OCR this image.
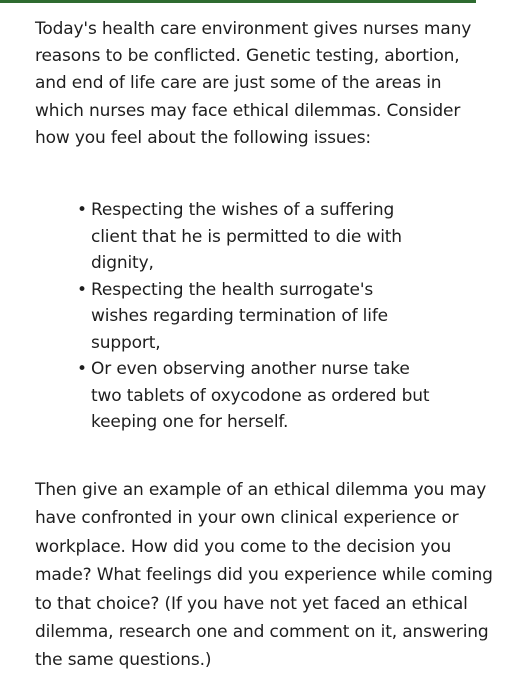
Today's health care environment gives nurses many reasons to be conflicted. Genetic testing, abortion, and end of life care are just some of the areas in which nurses may face ethical dilemmas. Consider how you feel about the following issues:

• Respecting the wishes of a suffering client that he is permitted to die with dignity,
• Respecting the health surrogate's wishes regarding termination of life support,
• Or even observing another nurse take two tablets of oxycodone as ordered but keeping one for herself.

Then give an example of an ethical dilemma you may have confronted in your own clinical experience or workplace. How did you come to the decision you made? What feelings did you experience while coming to that choice? (If you have not yet faced an ethical dilemma, research one and comment on it, answering the same questions.)
